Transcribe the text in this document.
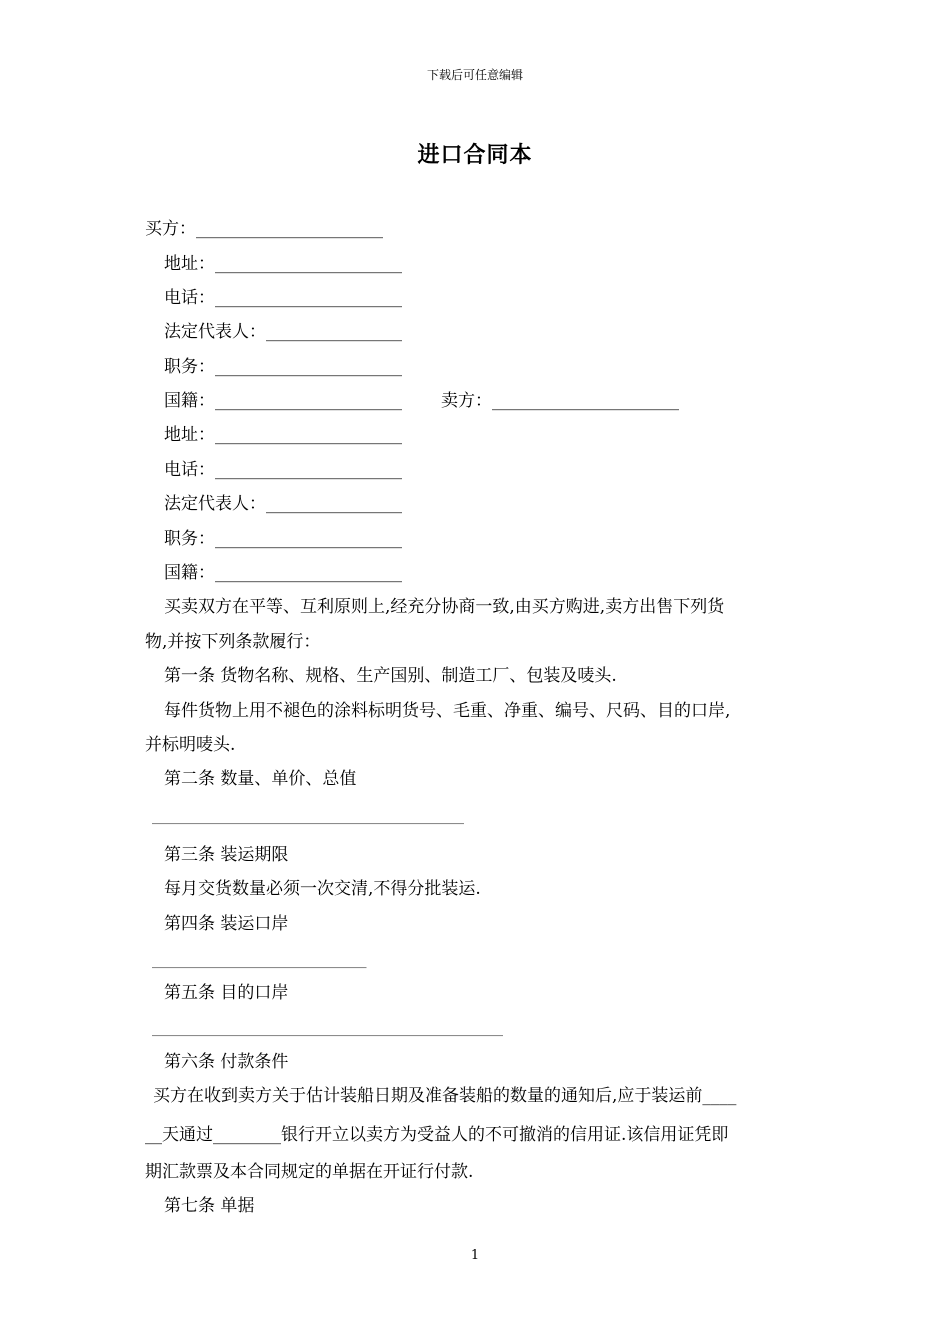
下载后可任意编辑
进口合同本
买方：______________________
地址：______________________
电话：______________________
法定代表人：________________
职务：______________________
国籍：______________________ 卖方：______________________
地址：______________________
电话：______________________
法定代表人：________________
职务：______________________
国籍：______________________
买卖双方在平等、互利原则上,经充分协商一致,由买方购进,卖方出售下列货
物,并按下列条款履行：
第一条 货物名称、规格、生产国别、制造工厂、包装及唛头.
每件货物上用不褪色的涂料标明货号、毛重、净重、编号、尺码、目的口岸,
并标明唛头.
第二条 数量、单价、总值
________________________________________________
第三条 装运期限
每月交货数量必须一次交清,不得分批装运.
第四条 装运口岸
_________________________________
第五条 目的口岸
______________________________________________________
第六条 付款条件
买方在收到卖方关于估计装船日期及准备装船的数量的通知后,应于装运前____
__天通过________银行开立以卖方为受益人的不可撤消的信用证.该信用证凭即
期汇款票及本合同规定的单据在开证行付款.
第七条 单据
1
